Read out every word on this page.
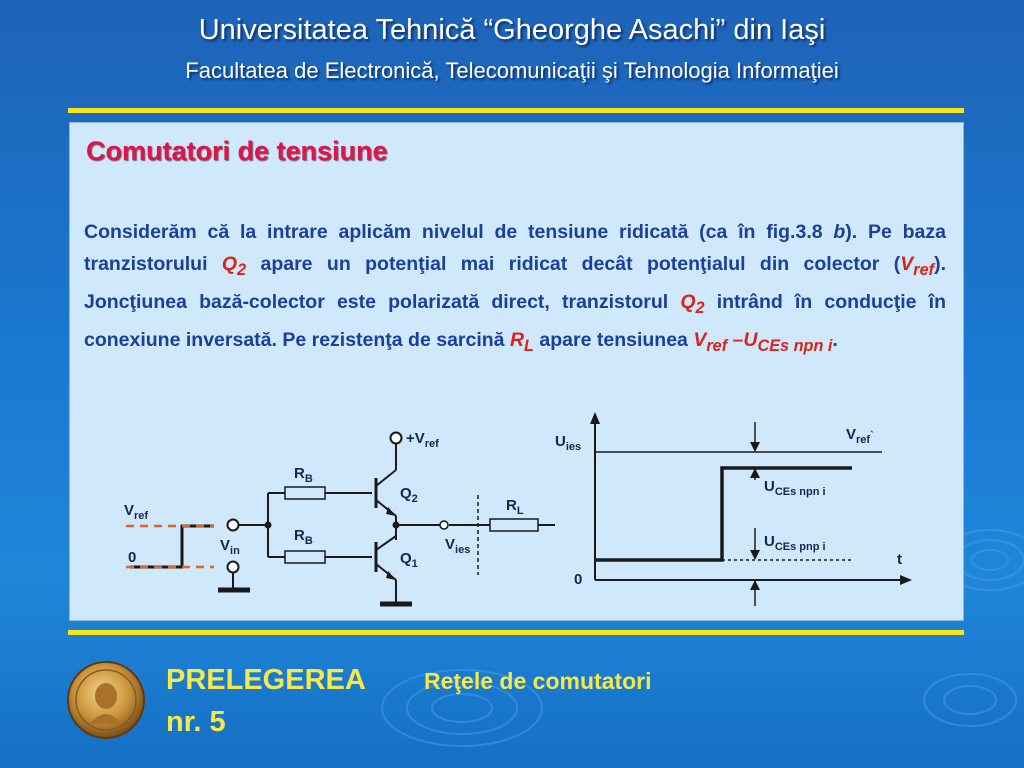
Universitatea Tehnică “Gheorghe Asachi” din Iaşi
Facultatea de Electronică, Telecomunicaţii şi Tehnologia Informaţiei
Comutatori de tensiune
Considerăm că la intrare aplicăm nivelul de tensiune ridicată (ca în fig.3.8 b). Pe baza tranzistorului $Q_2$ apare un potenţial mai ridicat decât potenţialul din colector $(V_{ref})$. Joncţiunea bază-colector este polarizată direct, tranzistorul $Q_2$ intrând în conducţie în conexiune inversată. Pe rezistenţa de sarcină $R_L$ apare tensiunea $V_{ref}$ $-U_{CEs npn i}$.
$V_{ref}$
0
$V_{in}$
$R_B$
$R_B$
$+V_{ref}$
$Q_2$
$Q_1$
$V_{ies}$
$R_L$
$U_{ies}$
$V_{ref}^`$
$U_{CEs npn i}$
$U_{CEs pnp i}$
t
0
PRELEGEREA	Reţele de comutatori
nr. 5
